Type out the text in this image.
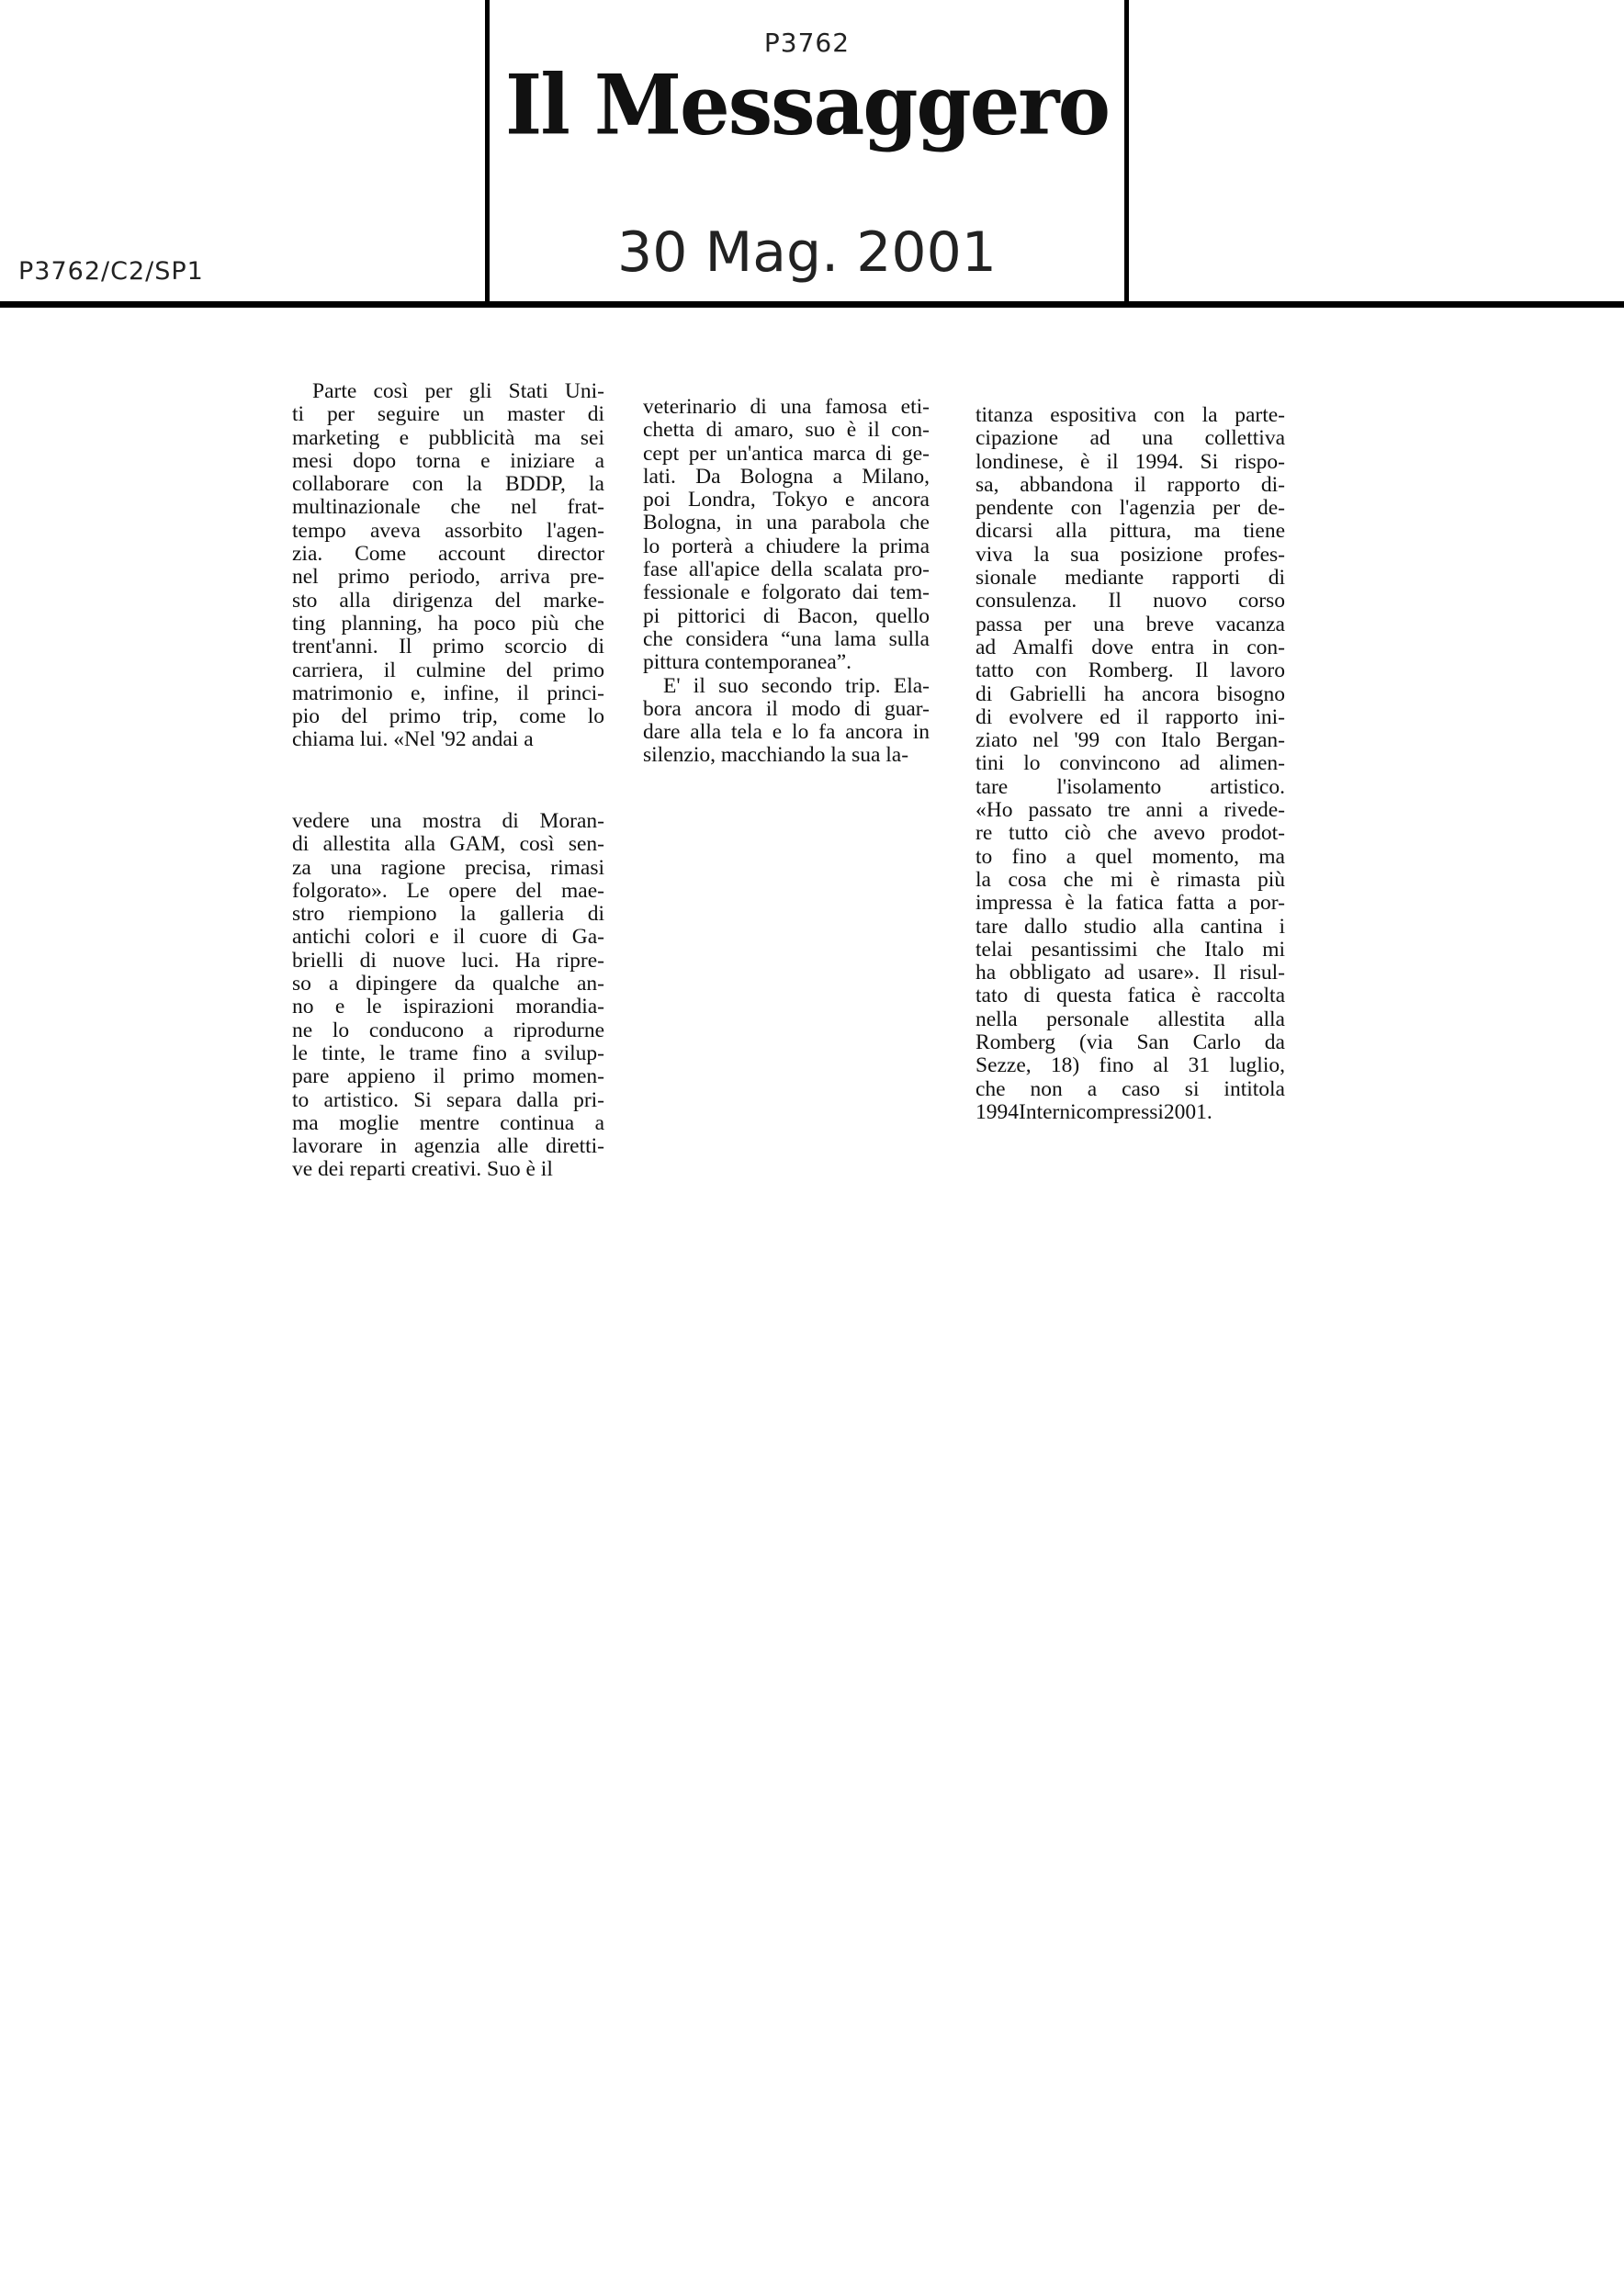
P3762
Il Messaggero
30 Mag. 2001
P3762/C2/SP1
Parte così per gli Stati Uni-
ti per seguire un master di
marketing e pubblicità ma sei
mesi dopo torna e iniziare a
collaborare con la BDDP, la
multinazionale che nel frat-
tempo aveva assorbito l'agen-
zia. Come account director
nel primo periodo, arriva pre-
sto alla dirigenza del marke-
ting planning, ha poco più che
trent'anni. Il primo scorcio di
carriera, il culmine del primo
matrimonio e, infine, il princi-
pio del primo trip, come lo
chiama lui. «Nel '92 andai a
vedere una mostra di Moran-
di allestita alla GAM, così sen-
za una ragione precisa, rimasi
folgorato». Le opere del mae-
stro riempiono la galleria di
antichi colori e il cuore di Ga-
brielli di nuove luci. Ha ripre-
so a dipingere da qualche an-
no e le ispirazioni morandia-
ne lo conducono a riprodurne
le tinte, le trame fino a svilup-
pare appieno il primo momen-
to artistico. Si separa dalla pri-
ma moglie mentre continua a
lavorare in agenzia alle diretti-
ve dei reparti creativi. Suo è il
veterinario di una famosa eti-
chetta di amaro, suo è il con-
cept per un'antica marca di ge-
lati. Da Bologna a Milano,
poi Londra, Tokyo e ancora
Bologna, in una parabola che
lo porterà a chiudere la prima
fase all'apice della scalata pro-
fessionale e folgorato dai tem-
pi pittorici di Bacon, quello
che considera “una lama sulla
pittura contemporanea”.
E' il suo secondo trip. Ela-
bora ancora il modo di guar-
dare alla tela e lo fa ancora in
silenzio, macchiando la sua la-
titanza espositiva con la parte-
cipazione ad una collettiva
londinese, è il 1994. Si rispo-
sa, abbandona il rapporto di-
pendente con l'agenzia per de-
dicarsi alla pittura, ma tiene
viva la sua posizione profes-
sionale mediante rapporti di
consulenza. Il nuovo corso
passa per una breve vacanza
ad Amalfi dove entra in con-
tatto con Romberg. Il lavoro
di Gabrielli ha ancora bisogno
di evolvere ed il rapporto ini-
ziato nel '99 con Italo Bergan-
tini lo convincono ad alimen-
tare l'isolamento artistico.
«Ho passato tre anni a rivede-
re tutto ciò che avevo prodot-
to fino a quel momento, ma
la cosa che mi è rimasta più
impressa è la fatica fatta a por-
tare dallo studio alla cantina i
telai pesantissimi che Italo mi
ha obbligato ad usare». Il risul-
tato di questa fatica è raccolta
nella personale allestita alla
Romberg (via San Carlo da
Sezze, 18) fino al 31 luglio,
che non a caso si intitola
1994Internicompressi2001.
